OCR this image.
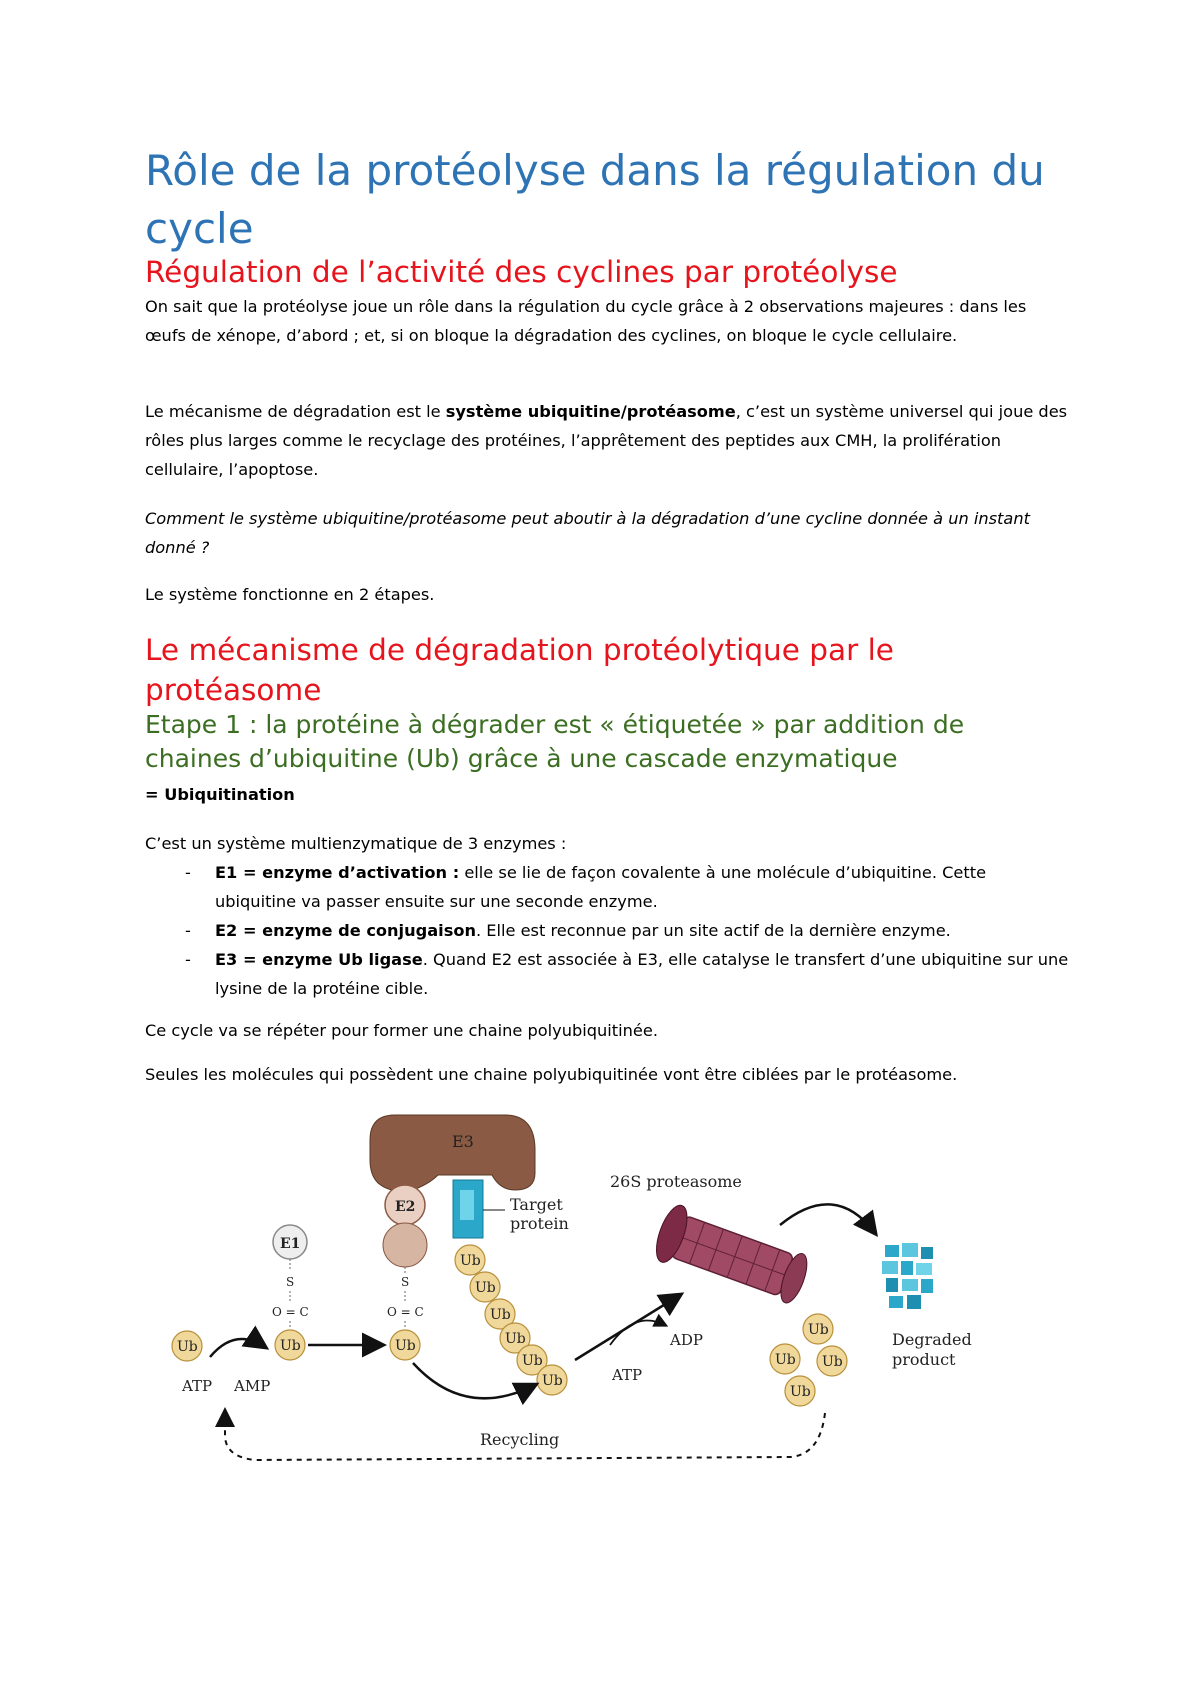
Rôle de la protéolyse dans la régulation du cycle
Régulation de l’activité des cyclines par protéolyse

On sait que la protéolyse joue un rôle dans la régulation du cycle grâce à 2 observations majeures : dans les œufs de xénope, d’abord ; et, si on bloque la dégradation des cyclines, on bloque le cycle cellulaire.

Le mécanisme de dégradation est le système ubiquitine/protéasome, c’est un système universel qui joue des rôles plus larges comme le recyclage des protéines, l’apprêtement des peptides aux CMH, la prolifération cellulaire, l’apoptose.

Comment le système ubiquitine/protéasome peut aboutir à la dégradation d’une cycline donnée à un instant donné ?

Le système fonctionne en 2 étapes.

Le mécanisme de dégradation protéolytique par le protéasome
Etape 1 : la protéine à dégrader est « étiquetée » par addition de chaines d’ubiquitine (Ub) grâce à une cascade enzymatique

= Ubiquitination

C’est un système multienzymatique de 3 enzymes :

- E1 = enzyme d’activation : elle se lie de façon covalente à une molécule d’ubiquitine. Cette ubiquitine va passer ensuite sur une seconde enzyme.
- E2 = enzyme de conjugaison. Elle est reconnue par un site actif de la dernière enzyme.
- E3 = enzyme Ub ligase. Quand E2 est associée à E3, elle catalyse le transfert d’une ubiquitine sur une lysine de la protéine cible.

Ce cycle va se répéter pour former une chaine polyubiquitinée.

Seules les molécules qui possèdent une chaine polyubiquitinée vont être ciblées par le protéasome.

E3
E2	Target
protein
Ub
Ub
Ub
Ub
Ub
Ub
E1
S
O = C
S
O = C
Ub	Ub	Ub
ATP AMP
ATP
ADP
26S proteasome
Degraded
product
Ub
Ub Ub
Ub
Recycling
